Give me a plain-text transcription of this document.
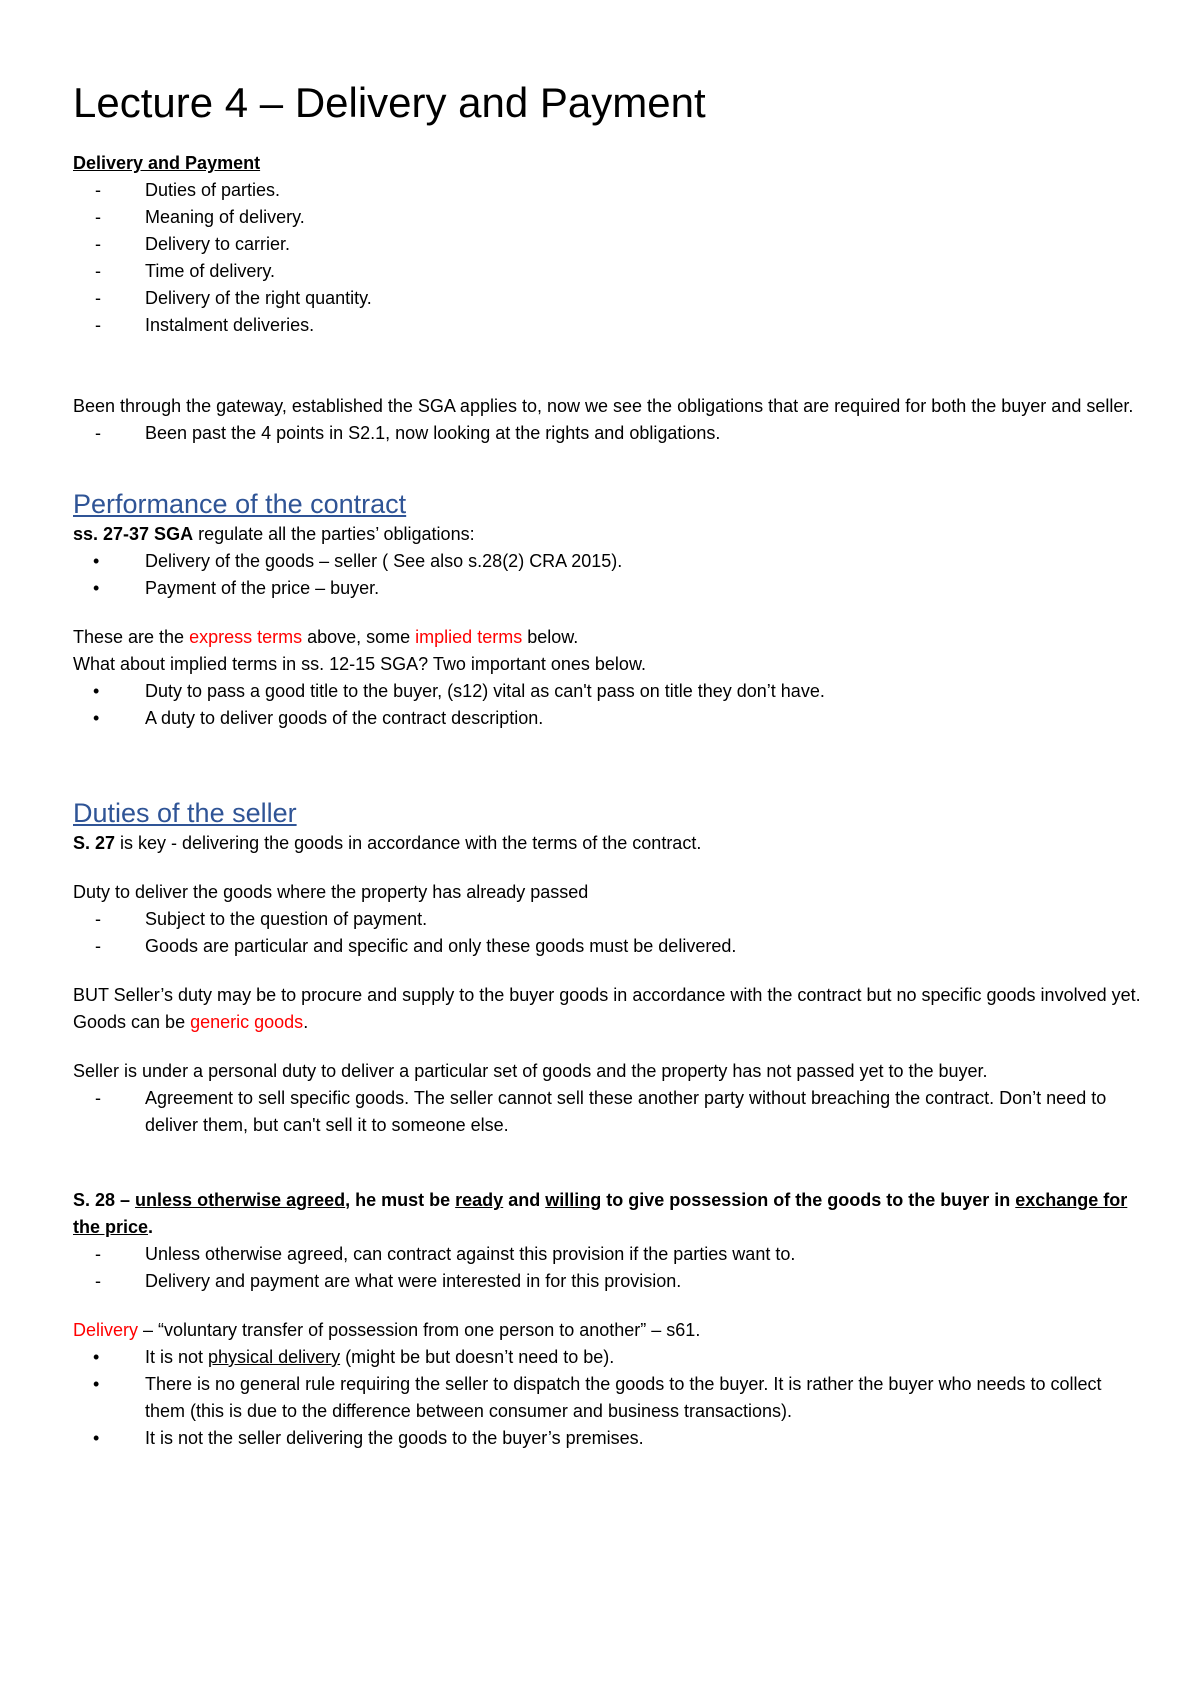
Lecture 4 – Delivery and Payment

Delivery and Payment

-	Duties of parties.
-	Meaning of delivery.
-	Delivery to carrier.
-	Time of delivery.
-	Delivery of the right quantity.
-	Instalment deliveries.

Been through the gateway, established the SGA applies to, now we see the obligations that are required for both the buyer and seller.

-	Been past the 4 points in S2.1, now looking at the rights and obligations.
Performance of the contract

ss. 27-37 SGA regulate all the parties’ obligations:

•	Delivery of the goods – seller ( See also s.28(2) CRA 2015).
•	Payment of the price – buyer.

These are the express terms above, some implied terms below.

What about implied terms in ss. 12-15 SGA? Two important ones below.

•	Duty to pass a good title to the buyer, (s12) vital as can't pass on title they don’t have.
•	A duty to deliver goods of the contract description.
Duties of the seller

S. 27 is key - delivering the goods in accordance with the terms of the contract.

Duty to deliver the goods where the property has already passed

-	Subject to the question of payment.
-	Goods are particular and specific and only these goods must be delivered.

BUT Seller’s duty may be to procure and supply to the buyer goods in accordance with the contract but no specific goods involved yet. Goods can be generic goods.

Seller is under a personal duty to deliver a particular set of goods and the property has not passed yet to the buyer.

-	Agreement to sell specific goods. The seller cannot sell these another party without breaching the contract. Don’t need to deliver them, but can't sell it to someone else.

S. 28 – unless otherwise agreed, he must be ready and willing to give possession of the goods to the buyer in exchange for the price.

-	Unless otherwise agreed, can contract against this provision if the parties want to.
-	Delivery and payment are what were interested in for this provision.

Delivery – “voluntary transfer of possession from one person to another” – s61.

•	It is not physical delivery (might be but doesn’t need to be).
•	There is no general rule requiring the seller to dispatch the goods to the buyer. It is rather the buyer who needs to collect them (this is due to the difference between consumer and business transactions).
•	It is not the seller delivering the goods to the buyer’s premises.
